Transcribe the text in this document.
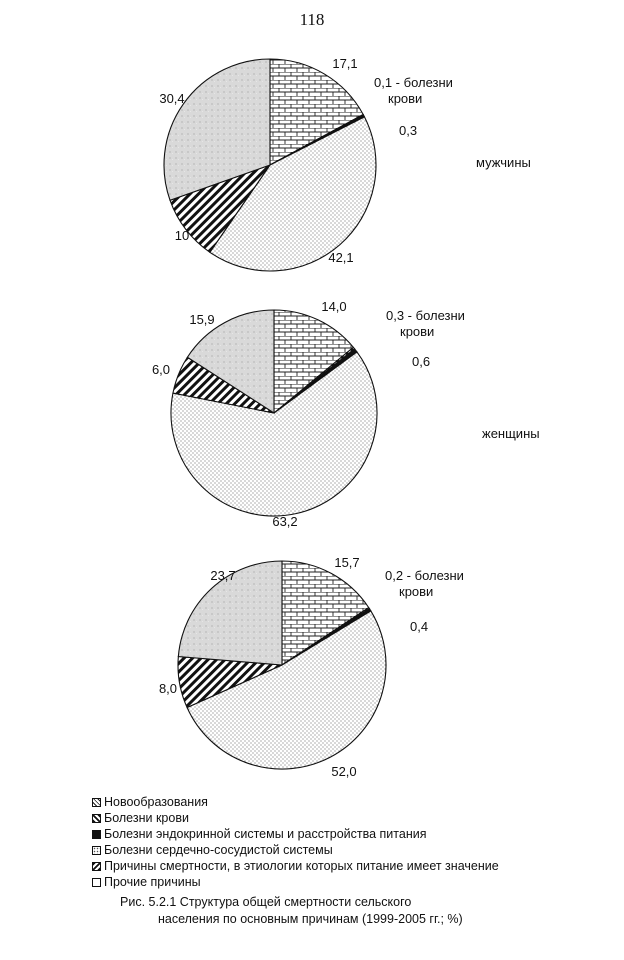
118
17,1
0,1 - болезни крови
0,3
42,1
10
30,4
мужчины
14,0
0,3 - болезни крови
0,6
63,2
6,0
15,9
женщины
15,7
0,2 - болезни крови
0,4
52,0
8,0
23,7
Новообразования
Болезни крови
Болезни эндокринной системы и расстройства питания
Болезни сердечно-сосудистой системы
Причины смертности, в этиологии которых питание имеет значение
Прочие причины
Рис. 5.2.1 Структура общей смертности сельского
населения по основным причинам (1999-2005 гг.; %)
